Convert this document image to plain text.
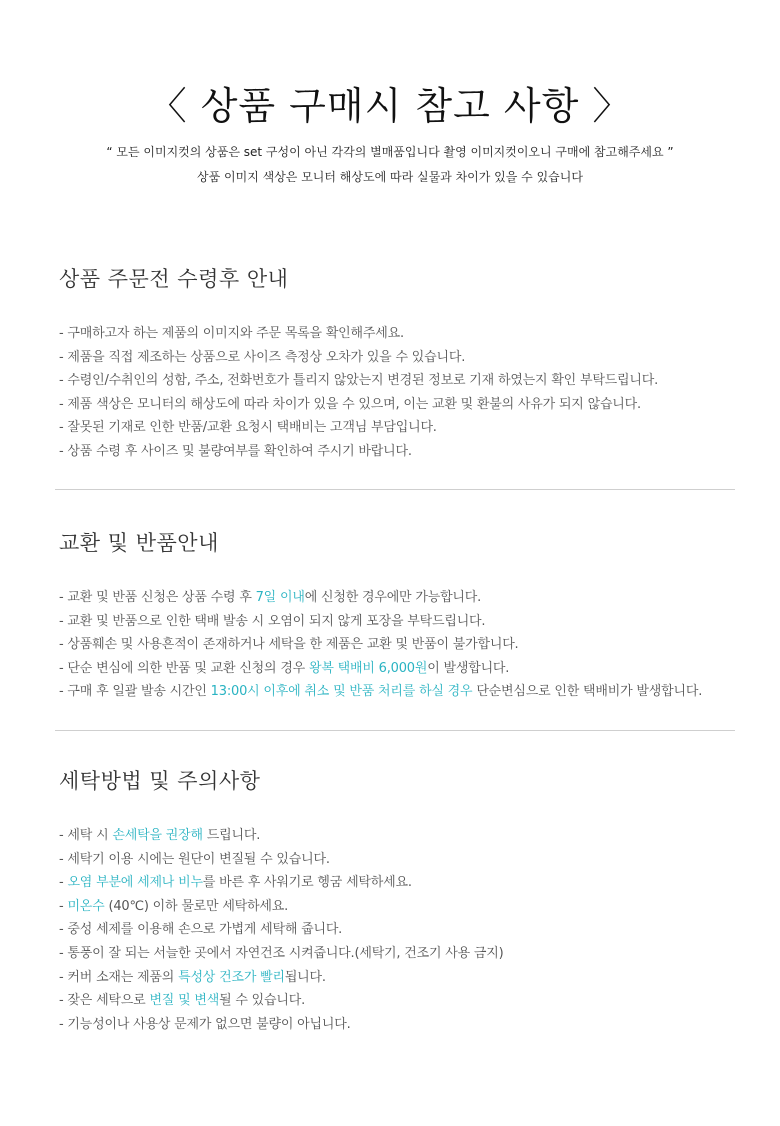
〈 상품 구매시 참고 사항 〉
“ 모든 이미지컷의 상품은 set 구성이 아닌 각각의 별매품입니다 촬영 이미지컷이오니 구매에 참고해주세요 ”
상품 이미지 색상은 모니터 해상도에 따라 실물과 차이가 있을 수 있습니다
상품 주문전 수령후 안내
- 구매하고자 하는 제품의 이미지와 주문 목록을 확인해주세요.
- 제품을 직접 제조하는 상품으로 사이즈 측정상 오차가 있을 수 있습니다.
- 수령인/수취인의 성함, 주소, 전화번호가 틀리지 않았는지 변경된 정보로 기재 하였는지 확인 부탁드립니다.
- 제품 색상은 모니터의 해상도에 따라 차이가 있을 수 있으며, 이는 교환 및 환불의 사유가 되지 않습니다.
- 잘못된 기재로 인한 반품/교환 요청시 택배비는 고객님 부담입니다.
- 상품 수령 후 사이즈 및 불량여부를 확인하여 주시기 바랍니다.
교환 및 반품안내
- 교환 및 반품 신청은 상품 수령 후 7일 이내에 신청한 경우에만 가능합니다.
- 교환 및 반품으로 인한 택배 발송 시 오염이 되지 않게 포장을 부탁드립니다.
- 상품훼손 및 사용흔적이 존재하거나 세탁을 한 제품은 교환 및 반품이 불가합니다.
- 단순 변심에 의한 반품 및 교환 신청의 경우 왕복 택배비 6,000원이 발생합니다.
- 구매 후 일괄 발송 시간인 13:00시 이후에 취소 및 반품 처리를 하실 경우 단순변심으로 인한 택배비가 발생합니다.
세탁방법 및 주의사항
- 세탁 시 손세탁을 권장해 드립니다.
- 세탁기 이용 시에는 원단이 변질될 수 있습니다.
- 오염 부분에 세제나 비누를 바른 후 사워기로 헹굼 세탁하세요.
- 미온수 (40℃) 이하 물로만 세탁하세요.
- 중성 세제를 이용해 손으로 가볍게 세탁해 줍니다.
- 통풍이 잘 되는 서늘한 곳에서 자연건조 시켜줍니다.(세탁기, 건조기 사용 금지)
- 커버 소재는 제품의 특성상 건조가 빨리됩니다.
- 잦은 세탁으로 변질 및 변색될 수 있습니다.
- 기능성이나 사용상 문제가 없으면 불량이 아닙니다.
